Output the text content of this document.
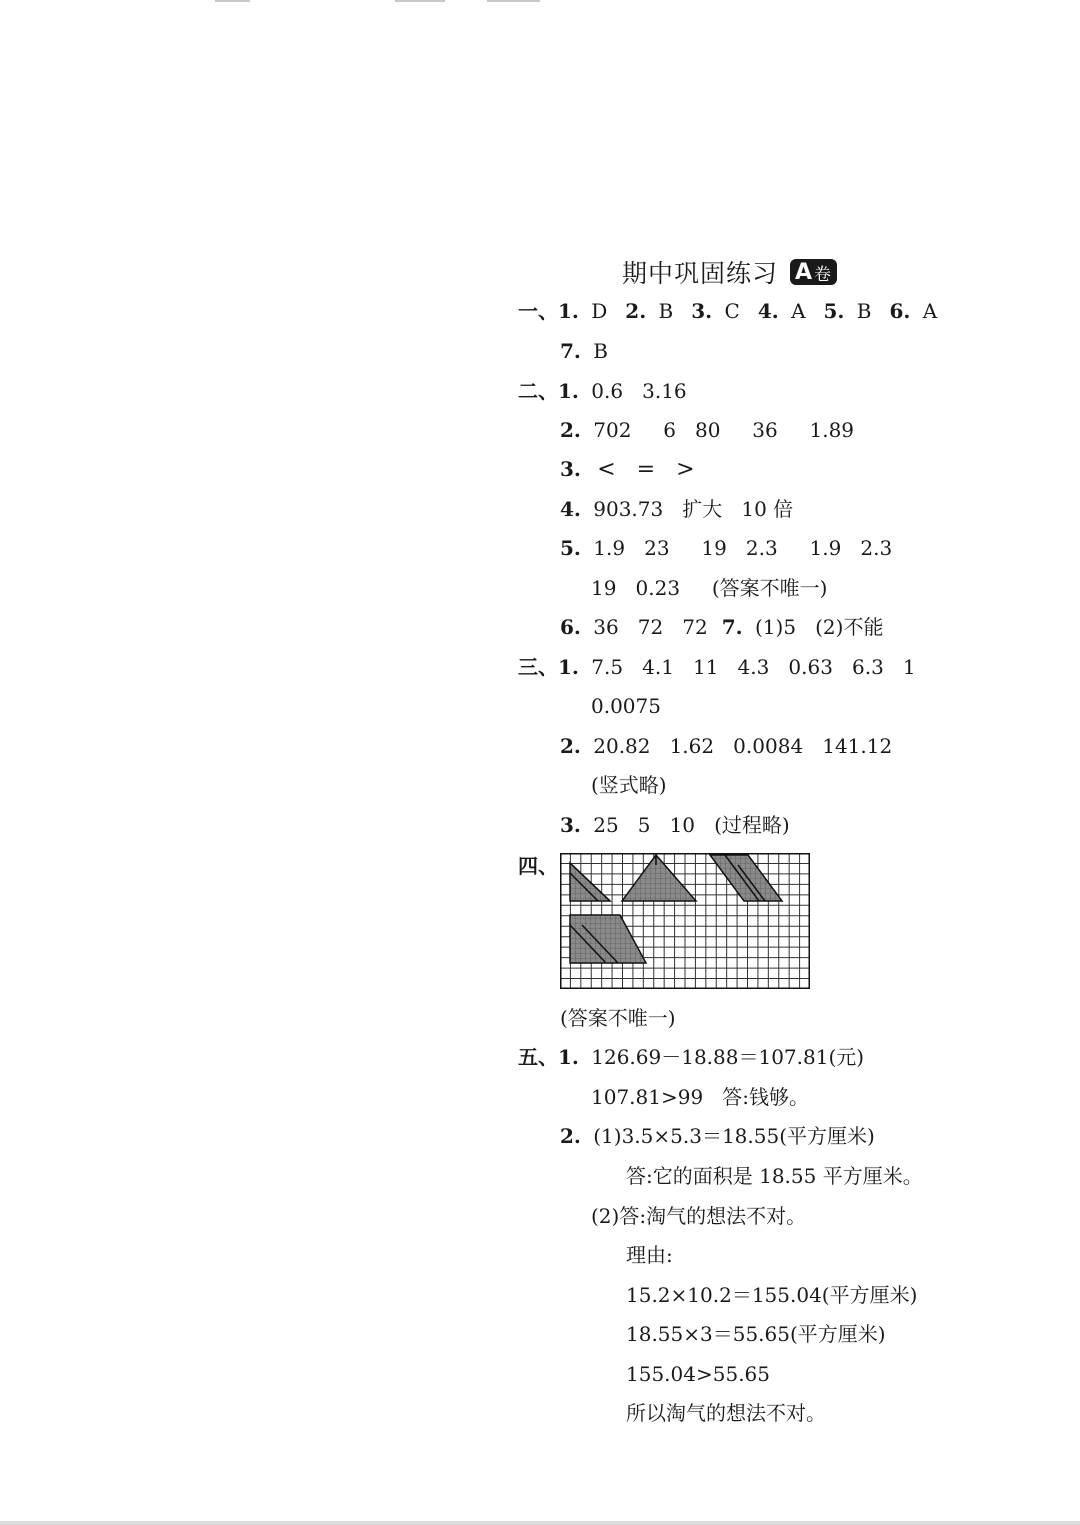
期中巩固练习 A 卷
一、1. D 2. B 3. C 4. A 5. B 6. A
7. B
二、1. 0.6   3.16
2. 702     6   80     36     1.89
3. <   =   >
4. 903.73   扩大   10 倍
5. 1.9   23     19   2.3     1.9   2.3
19   0.23     (答案不唯一)
6. 36   72   72 7. (1)5   (2)不能
三、1. 7.5   4.1   11   4.3   0.63   6.3   1
0.0075
2. 20.82   1.62   0.0084   141.12
(竖式略)
3. 25   5   10   (过程略)
四、
(答案不唯一)
五、1. 126.69－18.88＝107.81(元)
107.81>99   答:钱够。
2. (1)3.5×5.3＝18.55(平方厘米)
答:它的面积是 18.55 平方厘米。
(2)答:淘气的想法不对。
理由:
15.2×10.2＝155.04(平方厘米)
18.55×3＝55.65(平方厘米)
155.04>55.65
所以淘气的想法不对。
